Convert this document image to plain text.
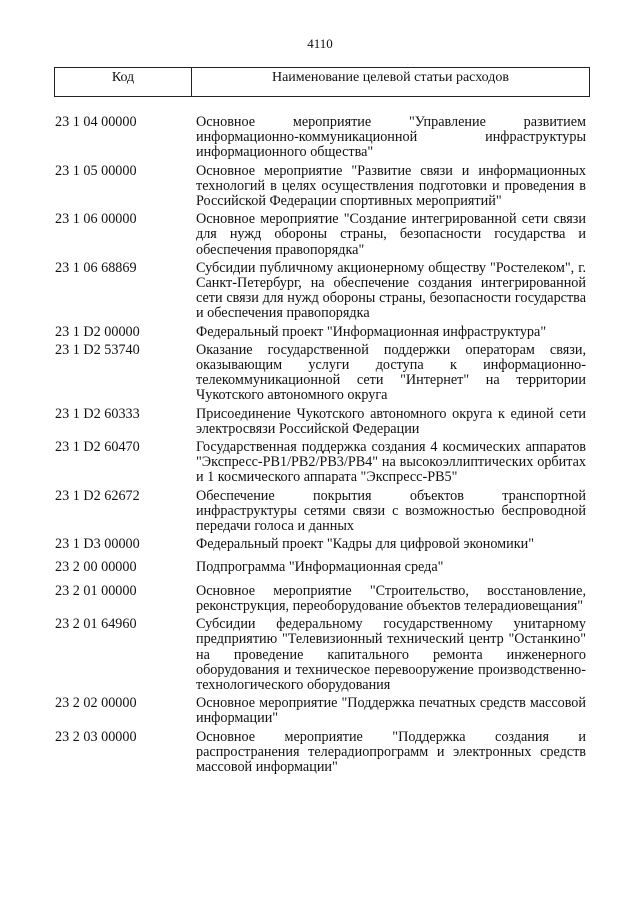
4110
Код	Наименование целевой статьи расходов
23 1 04 00000	Основное мероприятие "Управление развитием информационно-коммуникационной инфраструктуры информационного общества"
23 1 05 00000	Основное мероприятие "Развитие связи и информационных технологий в целях осуществления подготовки и проведения в Российской Федерации спортивных мероприятий"
23 1 06 00000	Основное мероприятие "Создание интегрированной сети связи для нужд обороны страны, безопасности государства и обеспечения правопорядка"
23 1 06 68869	Субсидии публичному акционерному обществу "Ростелеком", г. Санкт-Петербург, на обеспечение создания интегрированной сети связи для нужд обороны страны, безопасности государства и обеспечения правопорядка
23 1 D2 00000	Федеральный проект "Информационная инфраструктура"
23 1 D2 53740	Оказание государственной поддержки операторам связи, оказывающим услуги доступа к информационно-телекоммуникационной сети "Интернет" на территории Чукотского автономного округа
23 1 D2 60333	Присоединение Чукотского автономного округа к единой сети электросвязи Российской Федерации
23 1 D2 60470	Государственная поддержка создания 4 космических аппаратов "Экспресс-РВ1/РВ2/РВ3/РВ4" на высокоэллиптических орбитах и 1 космического аппарата "Экспресс-РВ5"
23 1 D2 62672	Обеспечение покрытия объектов транспортной инфраструктуры сетями связи с возможностью беспроводной передачи голоса и данных
23 1 D3 00000	Федеральный проект "Кадры для цифровой экономики"
23 2 00 00000	Подпрограмма "Информационная среда"
23 2 01 00000	Основное мероприятие "Строительство, восстановление, реконструкция, переоборудование объектов телерадиовещания"
23 2 01 64960	Субсидии федеральному государственному унитарному предприятию "Телевизионный технический центр "Останкино" на проведение капитального ремонта инженерного оборудования и техническое перевооружение производственно-технологического оборудования
23 2 02 00000	Основное мероприятие "Поддержка печатных средств массовой информации"
23 2 03 00000	Основное мероприятие "Поддержка создания и распространения телерадиопрограмм и электронных средств массовой информации"
